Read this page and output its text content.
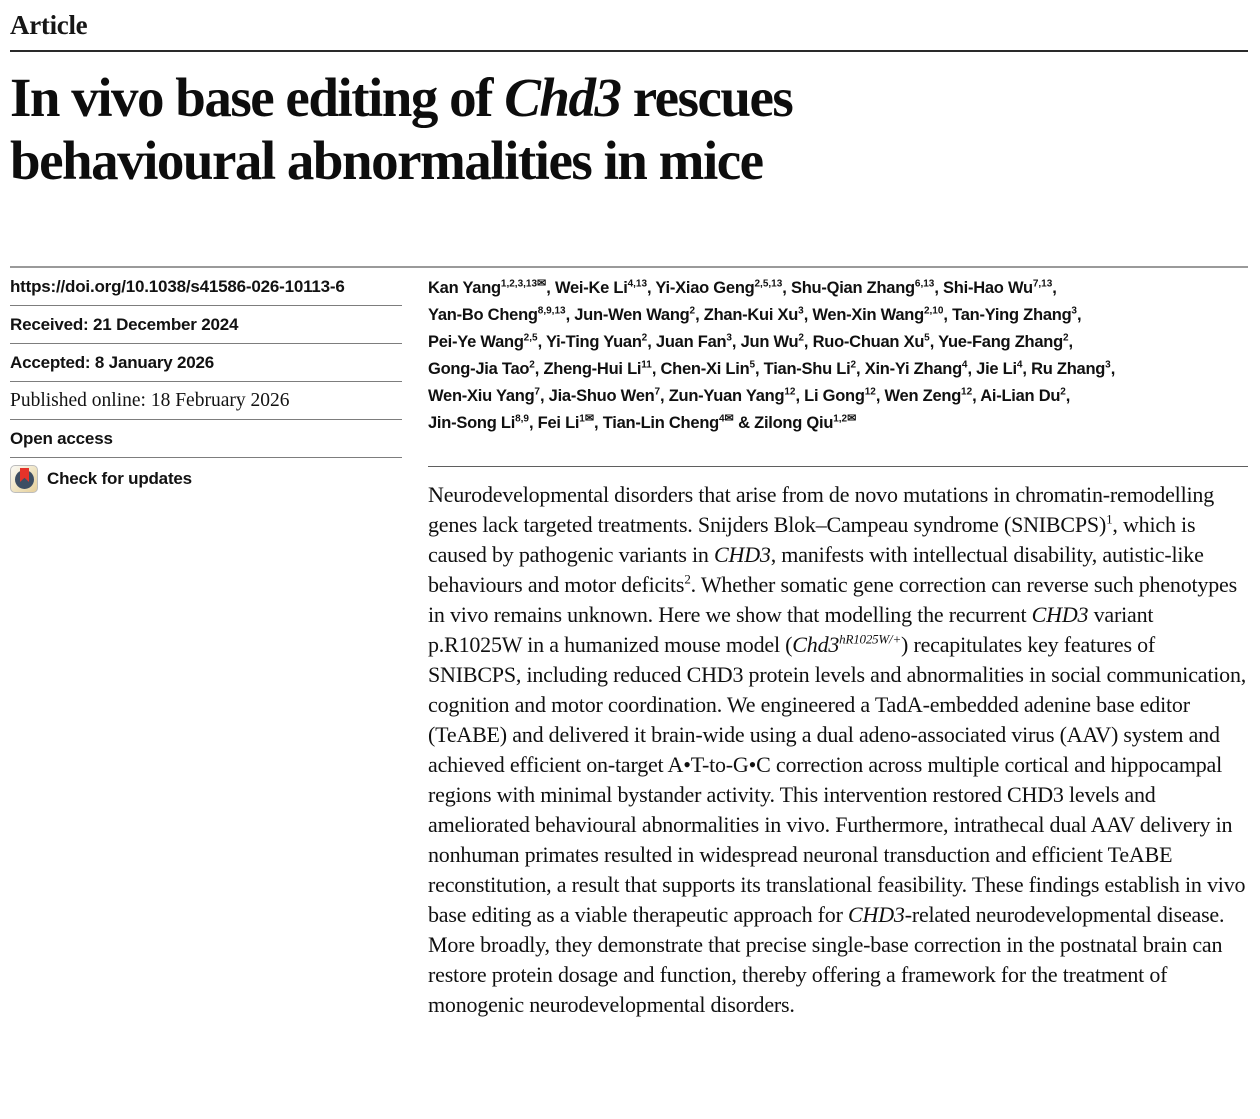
Article
In vivo base editing of Chd3 rescues
behavioural abnormalities in mice
https://doi.org/10.1038/s41586-026-10113-6
Received: 21 December 2024
Accepted: 8 January 2026
Published online: 18 February 2026
Open access
Check for updates

Kan Yang$^{1,2,3,13✉}$, Wei-Ke Li$^{4,13}$, Yi-Xiao Geng$^{2,5,13}$, Shu-Qian Zhang$^{6,13}$, Shi-Hao Wu$^{7,13}$,
Yan-Bo Cheng$^{8,9,13}$, Jun-Wen Wang$^2$, Zhan-Kui Xu$^3$, Wen-Xin Wang$^{2,10}$, Tan-Ying Zhang$^3$,
Pei-Ye Wang$^{2,5}$, Yi-Ting Yuan$^2$, Juan Fan$^3$, Jun Wu$^2$, Ruo-Chuan Xu$^5$, Yue-Fang Zhang$^2$,
Gong-Jia Tao$^2$, Zheng-Hui Li$^{11}$, Chen-Xi Lin$^5$, Tian-Shu Li$^2$, Xin-Yi Zhang$^4$, Jie Li$^4$, Ru Zhang$^3$,
Wen-Xiu Yang$^7$, Jia-Shuo Wen$^7$, Zun-Yuan Yang$^{12}$, Li Gong$^{12}$, Wen Zeng$^{12}$, Ai-Lian Du$^2$,
Jin-Song Li$^{8,9}$, Fei $Li^{1✉}$, Tian-Lin Cheng$^{4✉}$ & Zilong Qiu$^{1,2✉}$

Neurodevelopmental disorders that arise from de novo mutations in chromatin-remodelling genes lack targeted treatments. Snijders Blok–Campeau syndrome (SNIBCPS)$^1$, which is caused by pathogenic variants in CHD3, manifests with intellectual disability, autistic-like behaviours and motor deficits$^2$. Whether somatic gene correction can reverse such phenotypes in vivo remains unknown. Here we show that modelling the recurrent CHD3 variant p.R1025W in a humanized mouse model $(Chd3^{hR1025W/+})$ recapitulates key features of SNIBCPS, including reduced CHD3 protein levels and abnormalities in social communication, cognition and motor coordination. We engineered a TadA-embedded adenine base editor (TeABE) and delivered it brain-wide using a dual adeno-associated virus (AAV) system and achieved efficient on-target A•T-to-G•C correction across multiple cortical and hippocampal regions with minimal bystander activity. This intervention restored CHD3 levels and ameliorated behavioural abnormalities in vivo. Furthermore, intrathecal dual AAV delivery in nonhuman primates resulted in widespread neuronal transduction and efficient TeABE reconstitution, a result that supports its translational feasibility. These findings establish in vivo base editing as a viable therapeutic approach for CHD3-related neurodevelopmental disease. More broadly, they demonstrate that precise single-base correction in the postnatal brain can restore protein dosage and function, thereby offering a framework for the treatment of monogenic neurodevelopmental disorders.
